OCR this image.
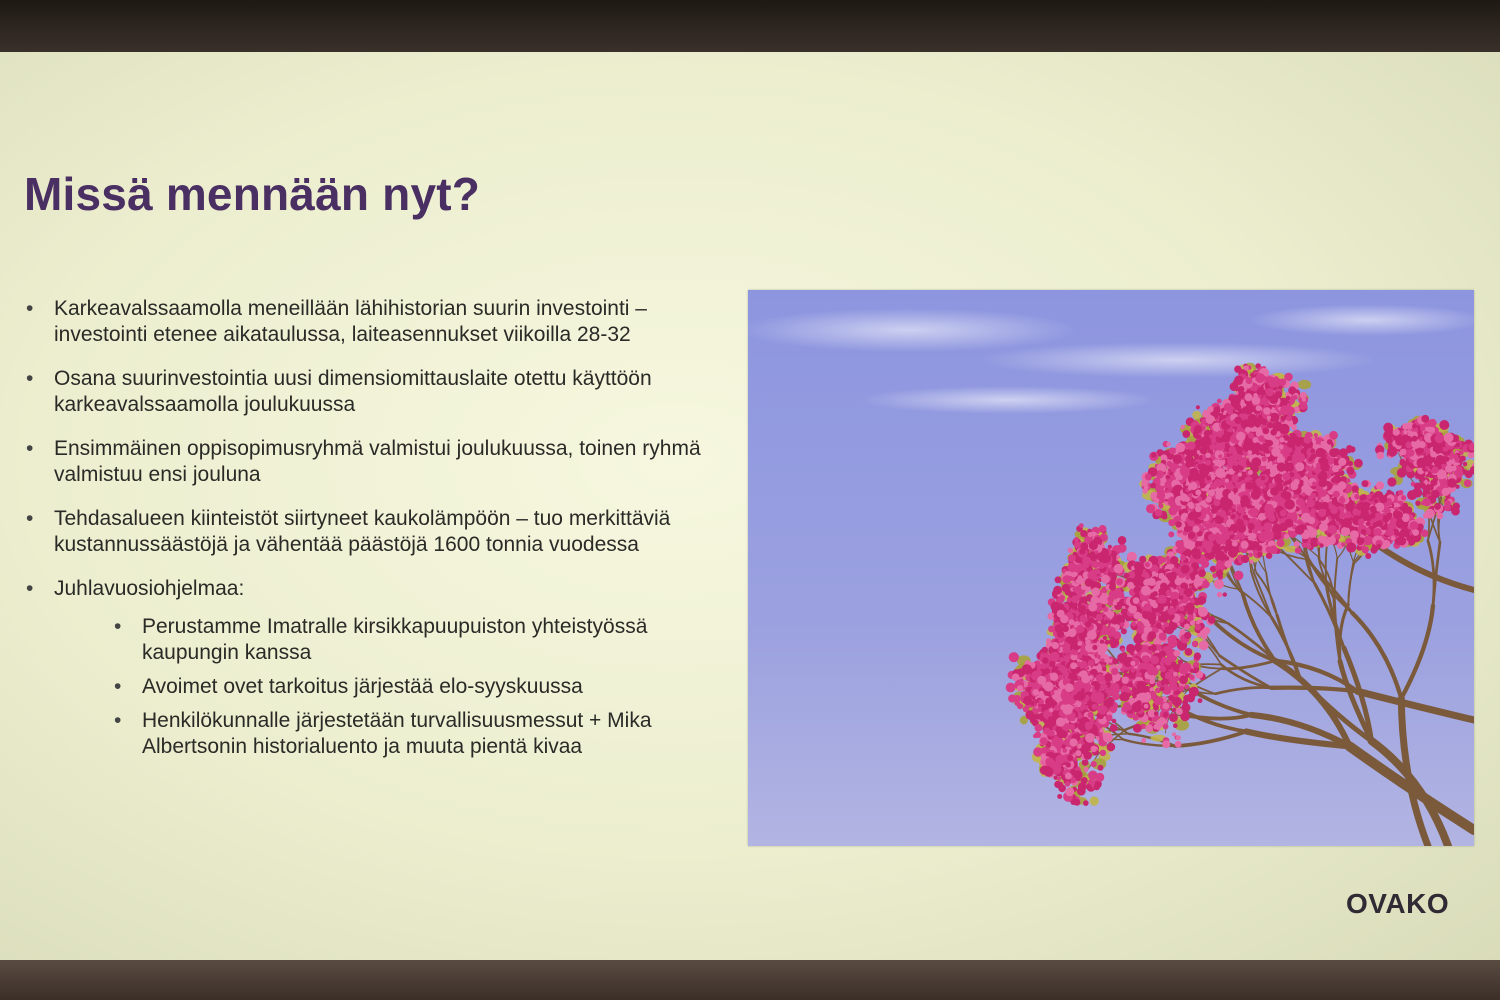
Missä mennään nyt?
• Karkeavalssaamolla meneillään lähihistorian suurin investointi – investointi etenee aikataulussa, laiteasennukset viikoilla 28-32
• Osana suurinvestointia uusi dimensiomittauslaite otettu käyttöön karkeavalssaamolla joulukuussa
• Ensimmäinen oppisopimusryhmä valmistui joulukuussa, toinen ryhmä valmistuu ensi jouluna
• Tehdasalueen kiinteistöt siirtyneet kaukolämpöön – tuo merkittäviä kustannussäästöjä ja vähentää päästöjä 1600 tonnia vuodessa
• Juhlavuosiohjelmaa:
• Perustamme Imatralle kirsikkapuupuiston yhteistyössä kaupungin kanssa
• Avoimet ovet tarkoitus järjestää elo-syyskuussa
• Henkilökunnalle järjestetään turvallisuusmessut + Mika Albertsonin historialuento ja muuta pientä kivaa
OVAKO
